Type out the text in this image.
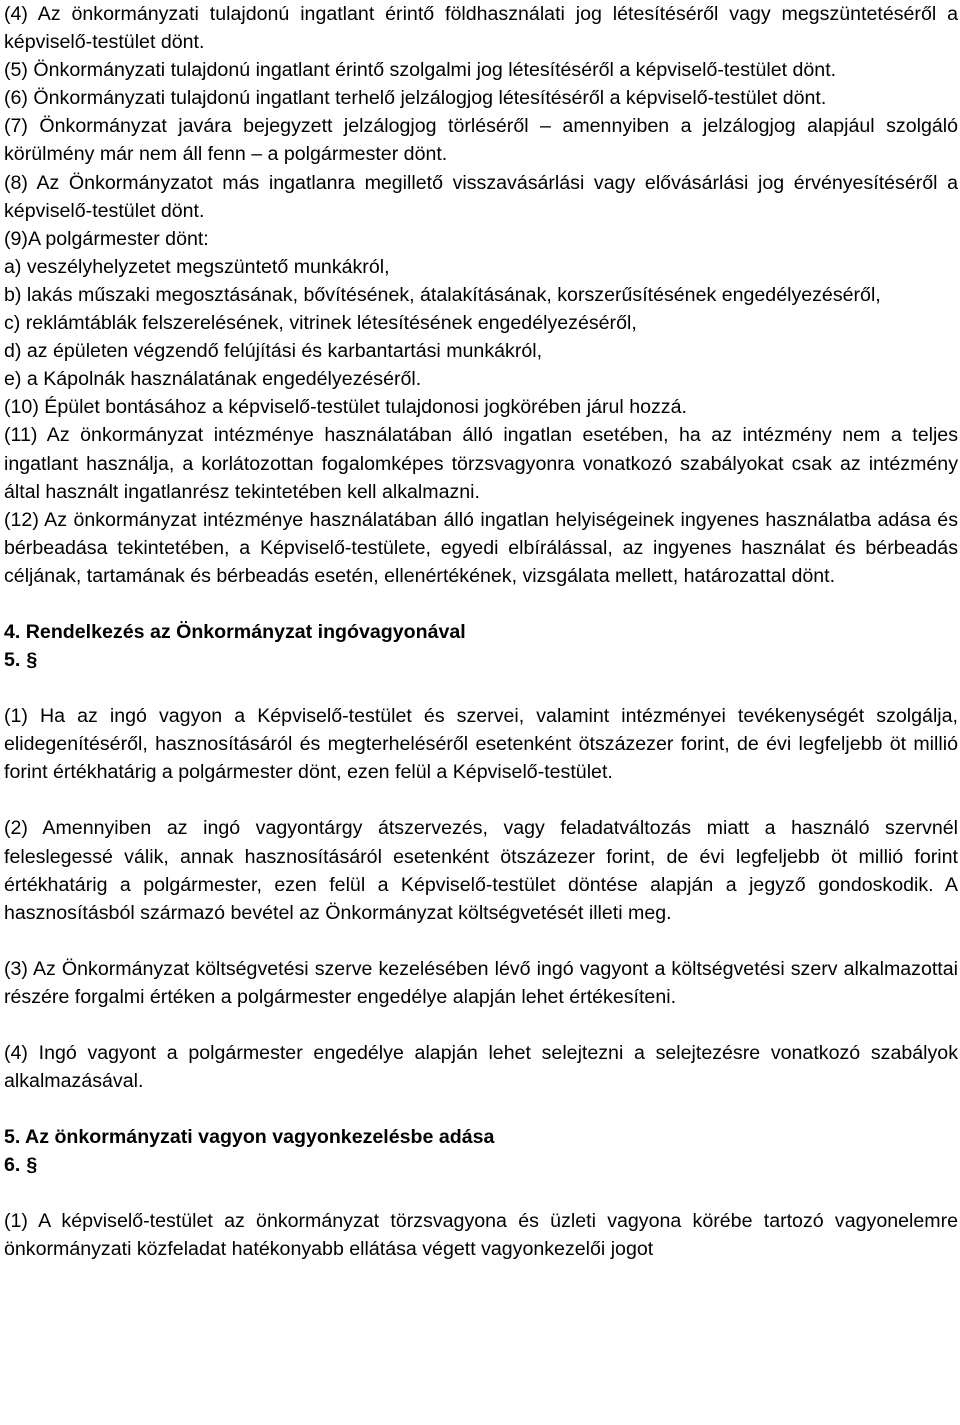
(4) Az önkormányzati tulajdonú ingatlant érintő földhasználati jog létesítéséről vagy megszüntetéséről a képviselő-testület dönt.

(5) Önkormányzati tulajdonú ingatlant érintő szolgalmi jog létesítéséről a képviselő-testület dönt.

(6) Önkormányzati tulajdonú ingatlant terhelő jelzálogjog létesítéséről a képviselő-testület dönt.

(7) Önkormányzat javára bejegyzett jelzálogjog törléséről ‒ amennyiben a jelzálogjog alapjául szolgáló körülmény már nem áll fenn ‒ a polgármester dönt.

(8) Az Önkormányzatot más ingatlanra megillető visszavásárlási vagy elővásárlási jog érvényesítéséről a képviselő-testület dönt.

(9)A polgármester dönt:

a) veszélyhelyzetet megszüntető munkákról,

b) lakás műszaki megosztásának, bővítésének, átalakításának, korszerűsítésének engedélyezéséről,

c) reklámtáblák felszerelésének, vitrinek létesítésének engedélyezéséről,

d) az épületen végzendő felújítási és karbantartási munkákról,

e) a Kápolnák használatának engedélyezéséről.

(10) Épület bontásához a képviselő-testület tulajdonosi jogkörében járul hozzá.

(11) Az önkormányzat intézménye használatában álló ingatlan esetében, ha az intézmény nem a teljes ingatlant használja, a korlátozottan fogalomképes törzsvagyonra vonatkozó szabályokat csak az intézmény által használt ingatlanrész tekintetében kell alkalmazni.

(12) Az önkormányzat intézménye használatában álló ingatlan helyiségeinek ingyenes használatba adása és bérbeadása tekintetében, a Képviselő-testülete, egyedi elbírálással, az ingyenes használat és bérbeadás céljának, tartamának és bérbeadás esetén, ellenértékének, vizsgálata mellett, határozattal dönt.

4. Rendelkezés az Önkormányzat ingóvagyonával

5. §

(1) Ha az ingó vagyon a Képviselő-testület és szervei, valamint intézményei tevékenységét szolgálja, elidegenítéséről, hasznosításáról és megterheléséről esetenként ötszázezer forint, de évi legfeljebb öt millió forint értékhatárig a polgármester dönt, ezen felül a Képviselő-testület.

(2) Amennyiben az ingó vagyontárgy átszervezés, vagy feladatváltozás miatt a használó szervnél feleslegessé válik, annak hasznosításáról esetenként ötszázezer forint, de évi legfeljebb öt millió forint értékhatárig a polgármester, ezen felül a Képviselő-testület döntése alapján a jegyző gondoskodik. A hasznosításból származó bevétel az Önkormányzat költségvetését illeti meg.

(3) Az Önkormányzat költségvetési szerve kezelésében lévő ingó vagyont a költségvetési szerv alkalmazottai részére forgalmi értéken a polgármester engedélye alapján lehet értékesíteni.

(4) Ingó vagyont a polgármester engedélye alapján lehet selejtezni a selejtezésre vonatkozó szabályok alkalmazásával.

5. Az önkormányzati vagyon vagyonkezelésbe adása

6. §

(1) A képviselő-testület az önkormányzat törzsvagyona és üzleti vagyona körébe tartozó vagyonelemre önkormányzati közfeladat hatékonyabb ellátása végett vagyonkezelői jogot
